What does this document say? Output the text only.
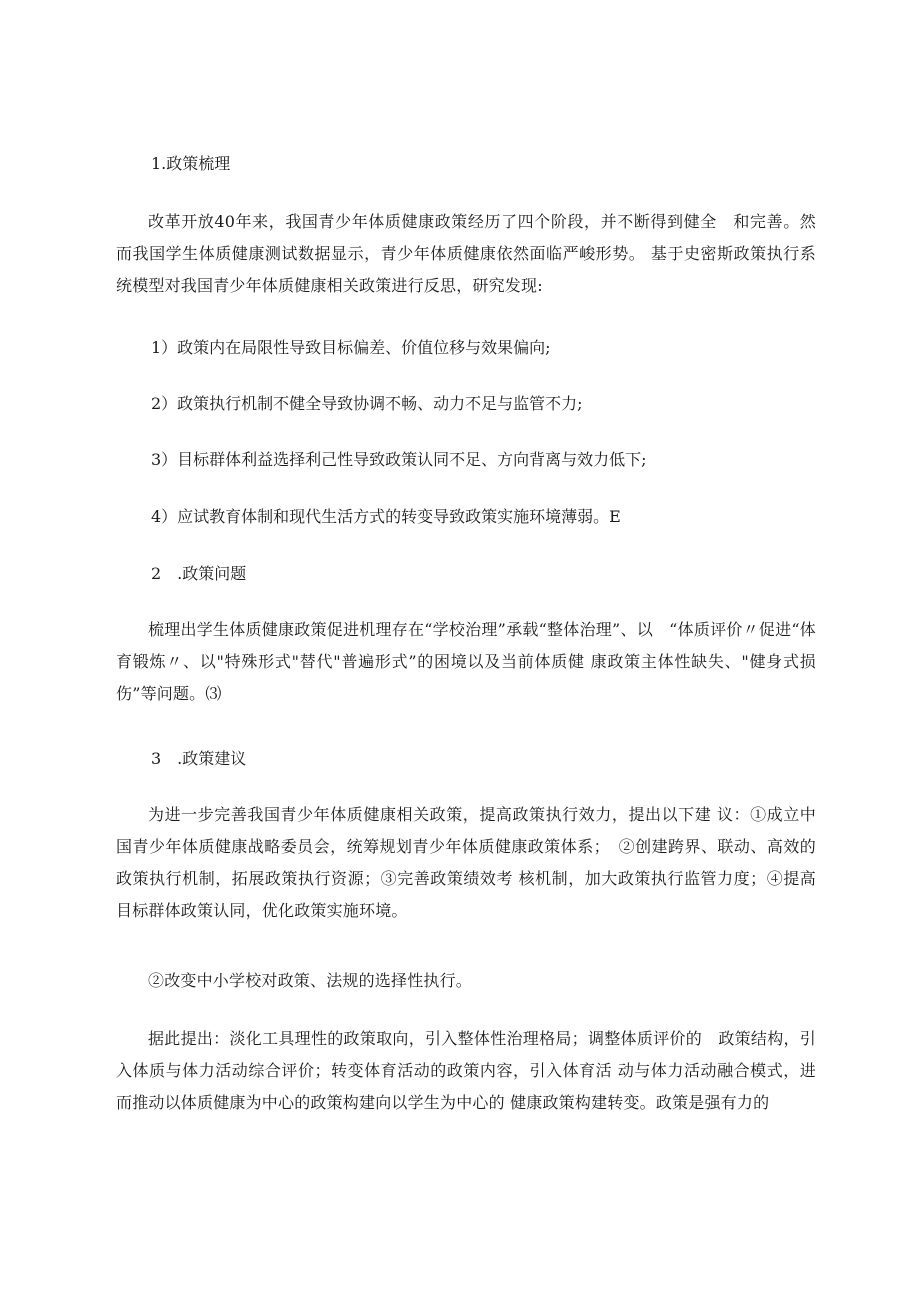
1.政策梳理

改革开放40年来，我国青少年体质健康政策经历了四个阶段，并不断得到健全　和完善。然而我国学生体质健康测试数据显示，青少年体质健康依然面临严峻形势。 基于史密斯政策执行系统模型对我国青少年体质健康相关政策进行反思，研究发现:

1）政策内在局限性导致目标偏差、价值位移与效果偏向;

2）政策执行机制不健全导致协调不畅、动力不足与监管不力;

3）目标群体利益选择利己性导致政策认同不足、方向背离与效力低下;

4）应试教育体制和现代生活方式的转变导致政策实施环境薄弱。E

2　.政策问题

梳理出学生体质健康政策促进机理存在“学校治理”承载“整体治理”、以　“体质评价〃促进“体育锻炼〃、以"特殊形式"替代"普遍形式”的困境以及当前体质健 康政策主体性缺失、"健身式损伤”等问题。⑶

3　.政策建议

为进一步完善我国青少年体质健康相关政策，提高政策执行效力，提出以下建 议：①成立中国青少年体质健康战略委员会，统筹规划青少年体质健康政策体系；　②创建跨界、联动、高效的政策执行机制，拓展政策执行资源；③完善政策绩效考 核机制，加大政策执行监管力度；④提高目标群体政策认同，优化政策实施环境。

②改变中小学校对政策、法规的选择性执行。

据此提出：淡化工具理性的政策取向，引入整体性治理格局；调整体质评价的　政策结构，引入体质与体力活动综合评价；转变体育活动的政策内容，引入体育活 动与体力活动融合模式，进而推动以体质健康为中心的政策构建向以学生为中心的 健康政策构建转变。政策是强有力的
